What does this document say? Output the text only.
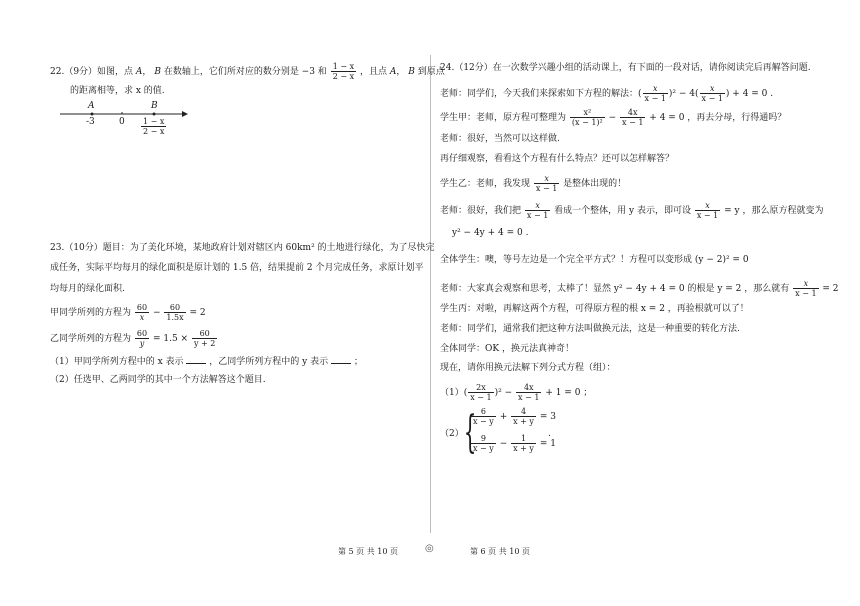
22.（9分）如图，点 A， B 在数轴上，它们所对应的数分别是 −3 和 $\frac{1 - x}{2 - x}$ ，且点 A， B 到原点
的距离相等，求 x 的值.
A	B
-3	$0 \frac{1 - x}{2 - x}$
23.（10分）题目：为了美化环境，某地政府计划对辖区内 60km² 的土地进行绿化，为了尽快完
成任务，实际平均每月的绿化面积是原计划的 1.5 倍，结果提前 2 个月完成任务，求原计划平
均每月的绿化面积.
甲同学所列的方程为 $\frac{60}{x} - \frac{60}{1.5x} = 2$
乙同学所列的方程为 $\frac{60}{y} = 1.5 \times \frac{60}{y + 2}$
（1）甲同学所列方程中的 x 表示	，乙同学所列方程中的 y 表示	；
（2）任选甲、乙两同学的其中一个方法解答这个题目.
24.（12分）在一次数学兴趣小组的活动课上，有下面的一段对话，请你阅读完后再解答问题.
老师：同学们，今天我们来探索如下方程的解法：( $\frac{x}{x - 1} )^2 - 4( \frac{x}{x - 1}$ ) + 4 = 0 .
学生甲：老师，原方程可整理为 $\frac{\text{x²}}{\text{(x − 1)²}} - \frac{4x}{x - 1} + 4 = 0$ ，再去分母，行得通吗？
老师：很好，当然可以这样做.
再仔细观察，看看这个方程有什么特点？还可以怎样解答？
学生乙：老师，我发现 $\frac{x}{x - 1}$ 是整体出现的！
老师：很好，我们把 $\frac{x}{x - 1}$ 看成一个整体，用 y 表示，即可设 $\frac{x}{x - 1} = y$ ，那么原方程就变为
y² − 4y + 4 = 0 .
全体学生：噢，等号左边是一个完全平方式？！方程可以变形成 (y − 2)² = 0
老师：大家真会观察和思考，太棒了！显然 y² − 4y + 4 = 0 的根是 y = 2 ，那么就有 $\frac{x}{x - 1} = 2$
学生丙：对啦，再解这两个方程，可得原方程的根 x = 2 ，再验根就可以了！
老师：同学们，通常我们把这种方法叫做换元法，这是一种重要的转化方法.
全体同学：OK ，换元法真神奇！
现在，请你用换元法解下列分式方程（组）：
$(1)( \frac{2x}{x - 1} )^2 - \frac{4x}{x - 1} + 1 = 0$ ；
（2） {
$\frac{6}{x - y} + \frac{4}{x + y} = 3$
$\frac{9}{x - y} - \frac{1}{x + y} = 1$
.
第 5 页 共 10 页	◎	第 6 页 共 10 页
